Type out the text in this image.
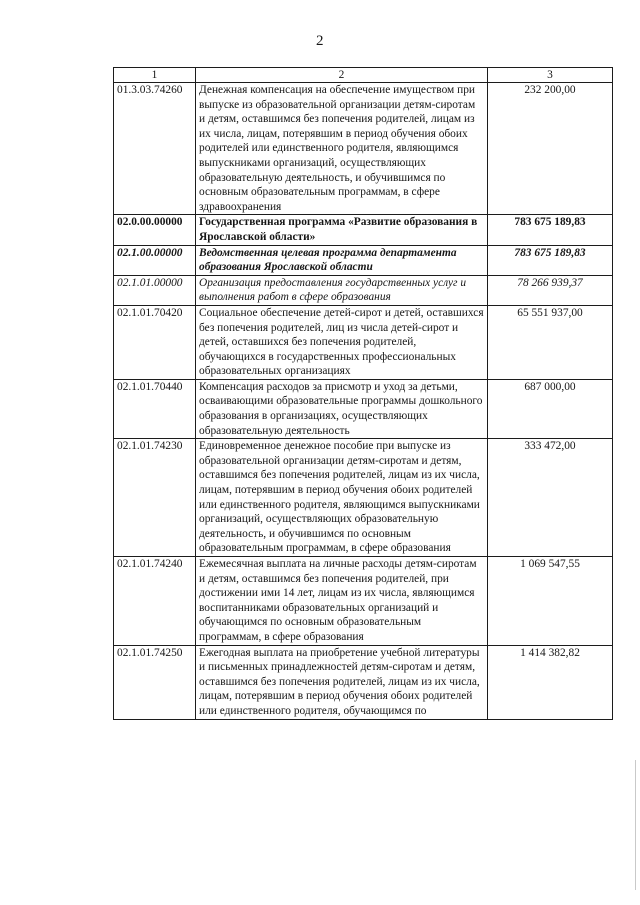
2
1	2	3
01.3.03.74260	Денежная компенсация на обеспечение имуществом при выпуске из образовательной организации детям-сиротам и детям, оставшимся без попечения родителей, лицам из их числа, лицам, потерявшим в период обучения обоих родителей или единственного родителя, являющимся выпускниками организаций, осуществляющих образовательную деятельность, и обучившимся по основным образовательным программам, в сфере здравоохранения	232 200,00
02.0.00.00000	Государственная программа «Развитие образования в Ярославской области»	783 675 189,83
02.1.00.00000	Ведомственная целевая программа департамента образования Ярославской области	783 675 189,83
02.1.01.00000	Организация предоставления государственных услуг и выполнения работ в сфере образования	78 266 939,37
02.1.01.70420	Социальное обеспечение детей-сирот и детей, оставшихся без попечения родителей, лиц из числа детей-сирот и детей, оставшихся без попечения родителей, обучающихся в государственных профессиональных образовательных организациях	65 551 937,00
02.1.01.70440	Компенсация расходов за присмотр и уход за детьми, осваивающими образовательные программы дошкольного образования в организациях, осуществляющих образовательную деятельность	687 000,00
02.1.01.74230	Единовременное денежное пособие при выпуске из образовательной организации детям-сиротам и детям, оставшимся без попечения родителей, лицам из их числа, лицам, потерявшим в период обучения обоих родителей или единственного родителя, являющимся выпускниками организаций, осуществляющих образовательную деятельность, и обучившимся по основным образовательным программам, в сфере образования	333 472,00
02.1.01.74240	Ежемесячная выплата на личные расходы детям-сиротам и детям, оставшимся без попечения родителей, при достижении ими 14 лет, лицам из их числа, являющимся воспитанниками образовательных организаций и обучающимся по основным образовательным программам, в сфере образования	1 069 547,55
02.1.01.74250	Ежегодная выплата на приобретение учебной литературы и письменных принадлежностей детям-сиротам и детям, оставшимся без попечения родителей, лицам из их числа, лицам, потерявшим в период обучения обоих родителей или единственного родителя, обучающимся по	1 414 382,82
